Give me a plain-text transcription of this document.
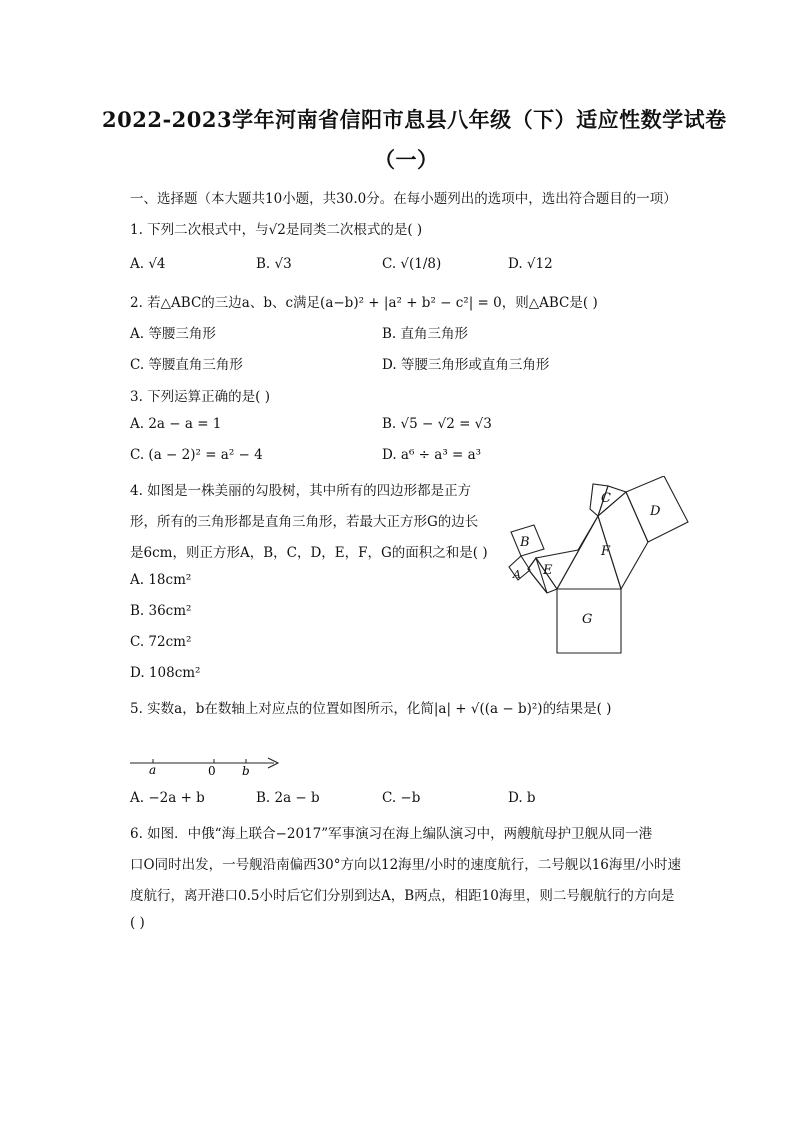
2022-2023学年河南省信阳市息县八年级（下）适应性数学试卷
（一）
一、选择题（本大题共10小题，共30.0分。在每小题列出的选项中，选出符合题目的一项）
1. 下列二次根式中，与√2是同类二次根式的是( )
A. √4	B. √3	C. √(1/8)	D. √12
2. 若△ABC的三边a、b、c满足(a−b)² + |a² + b² − c²| = 0，则△ABC是( )
A. 等腰三角形	B. 直角三角形
C. 等腰直角三角形	D. 等腰三角形或直角三角形
3. 下列运算正确的是( )
A. 2a − a = 1	B. √5 − √2 = √3
C. (a − 2)² = a² − 4	D. a⁶ ÷ a³ = a³
4. 如图是一株美丽的勾股树，其中所有的四边形都是正方
形，所有的三角形都是直角三角形，若最大正方形G的边长
是6cm，则正方形A，B，C，D，E，F，G的面积之和是( )
A. 18cm²
B. 36cm²
C. 72cm²
D. 108cm²
A
B
C
D
E
F
G
5. 实数a，b在数轴上对应点的位置如图所示，化简|a| + √((a − b)²)的结果是( )
a	0 b
A. −2a + b	B. 2a − b	C. −b	D. b
6. 如图．中俄“海上联合−2017”军事演习在海上编队演习中，两艘航母护卫舰从同一港
口O同时出发，一号舰沿南偏西30°方向以12海里/小时的速度航行，二号舰以16海里/小时速
度航行，离开港口0.5小时后它们分别到达A，B两点，相距10海里，则二号舰航行的方向是
( )
